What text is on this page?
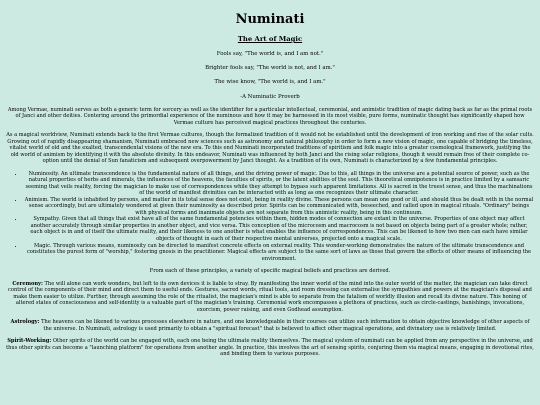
Numinati
The Art of Magic

Fools say, "The world is, and I am not."

Brighter fools say, "The world is not, and I am."

The wise know, "The world is, and I am."

-A Numinatic Proverb

Among Vermae, numinati serves as both a generic term for sorcery as well as the identifier for a particular intellectual, ceremonial, and animistic tradition of magic dating back as far as the primal roots of Janci and other deities. Centering around the primordial experience of the numinous and how it may be harnessed in its most visible, pure forms, numinatic thought has significantly shaped how Vermae culture has perceived magical practices throughout the centuries.

As a magical worldview, Numinati extends back to the first Vermae cultures, though the formalized tradition of it would not be established until the development of iron working and rise of the solar cults. Growing out of rapidly disappearing shamanism, Numinati embraced new sciences such as astronomy and natural philosophy in order to form a new vision of magic, one capable of bridging the timeless, vitalist world of old and the exalted, transcendental visions of the new era. To this end Numinati incorporated traditions of spiritism and folk magic into a greater cosmological framework, justifying the old world of animism by identifying it with the absolute divinity. In this endeavor, Numinati was influenced by both Janci and the rising solar religions, though it would remain free of their complete co-option until the denial of Sun fanaticism and subsequent overpowerment by Janci thought. As a tradition of its own, Numinati is characterized by a few fundamental principles.

• Numinosity. An ultimate transcendence is the fundamental nature of all things, and the driving power of magic. Due to this, all things in the universe are a potential source of power, such as the natural properties of herbs and minerals, the influences of the heavens, the faculties of spirits, or the latent abilities of the soul. This theoretical omnipotence is in practice limited by a samsaric seeming that veils reality, forcing the magician to make use of correspondences while they attempt to bypass such apparent limitations. All is sacred in the truest sense, and thus the machinations of the world of manifest divinities can be interacted with as long as one recognizes their ultimate character.
• Animism. The world is inhabited by persons, and matter in its total sense does not exist, being in reality divine. These persons can mean one good or ill, and should thus be dealt with in the normal sense accordingly, but are ultimately wondered at given their numinosity as described prior. Spirits can be communicated with, beseeched, and called upon in magical rituals. "Ordinary" beings with physical forms and inanimate objects are not separate from this animistic reality, being in this continuum.
• Sympathy. Given that all things that exist have all of the same fundamental potencies within them, hidden modes of connection are extant in the universe. Properties of one object may affect another accurately through similar properties in another object, and vice versa. This conception of the microcosm and macrocosm is not based on objects being part of a greater whole; rather, each object is in and of itself the ultimate reality, and their likeness to one another is what enables the influence of correspondences. This can be likened to how two men can each have similar objects of thought in each of their respective mental universes, projected onto a magical scale.
• Magic. Through various means, numinosity can be directed to manifest concrete effects on external reality. This wonder-working demonstrates the nature of the ultimate transcendence and constitutes the purest form of "worship," fostering gnosis in the practitioner. Magical effects are subject to the same sort of laws as those that govern the effects of other means of influencing the environment.

From each of these principles, a variety of specific magical beliefs and practices are derived.

Ceremony: The will alone can work wonders, but left to its own devices it is liable to stray. By manifesting the inner world of the mind into the outer world of the matter, the magician can take direct control of the components of their mind and direct them to useful ends. Gestures, sacred words, ritual tools, and room dressing can externalise the sympathies and powers at the magician's disposal and make them easier to utilize. Further, through assuming the role of the ritualist, the magician's mind is able to separate from the fatalism of worldly illusion and recall its divine nature. This honing of altered states of consciousness and self-identity is a valuable part of the magician's training. Ceremonial work encompasses a plethora of practices, such as circle-castings, banishings, invocations, exorcism, power raising, and even Godhead assumption.

Astrology: The heavens can be likened to various processes elsewhere in nature, and one knowledgeable in their courses can utilize such information to obtain objective knowledge of other aspects of the universe. In Numinati, astrology is used primarily to obtain a "spiritual forecast" that is believed to affect other magical operations, and divinatory use is relatively limited.

Spirit-Working: Other spirits of the world can be engaged with, each one being the ultimate reality themselves. The magical system of numinati can be applied from any perspective in the universe, and thus other spirits can become a "launching platform" for operations from another angle. In practice, this involves the art of sensing spirits, conjuring them via magical means, engaging in devotional rites, and binding them to various purposes.
